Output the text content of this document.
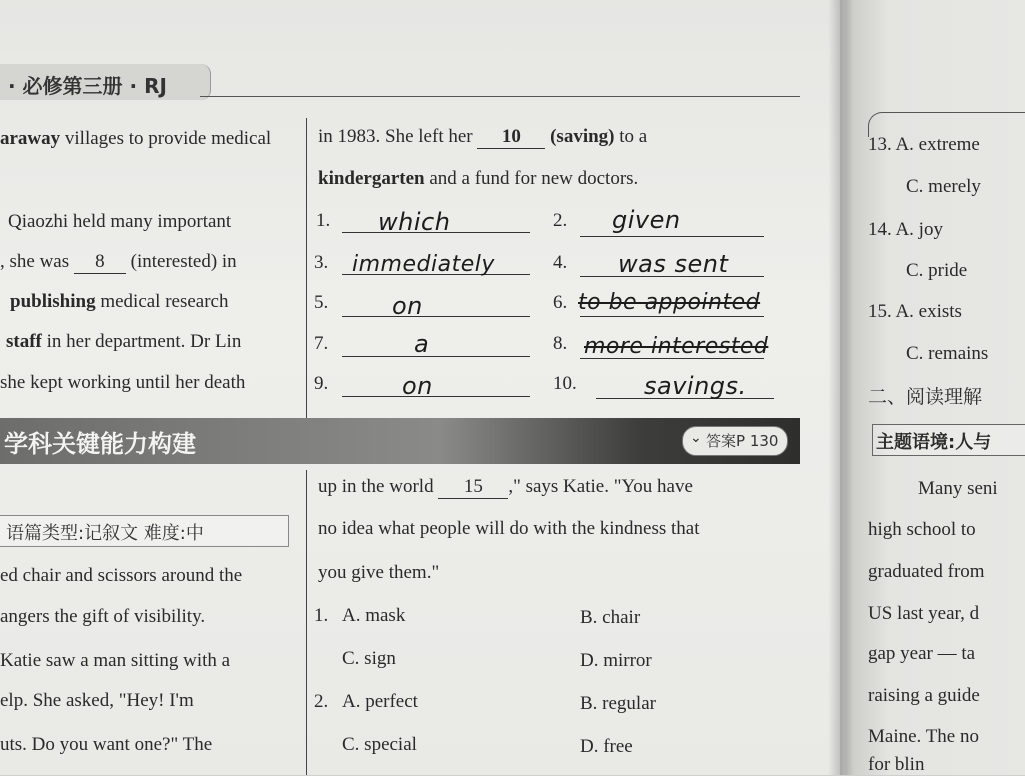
· 必修第三册 · RJ
araway villages to provide medical
Qiaozhi held many important
, she was 8 (interested) in
publishing medical research
staff in her department. Dr Lin
she kept working until her death
in 1983. She left her 10 (saving) to a
kindergarten and a fund for new doctors.
1. which	2. given
3. immediately	4. was sent
5.	on	6. to be appointed
7.	a	8. more interested
9.	on	10.	savings.
学科关键能力构建	⌄ 答案P 130
语篇类型:记叙文 难度:中
ed chair and scissors around the
angers the gift of visibility.
Katie saw a man sitting with a
elp. She asked, "Hey! I'm
uts. Do you want one?" The
up in the world 15 ," says Katie. "You have
no idea what people will do with the kindness that
you give them."
1. A. mask	B. chair
C. sign	D. mirror
2. A. perfect	B. regular
C. special	D. free
13. A. extreme
C. merely
14. A. joy
C. pride
15. A. exists
C. remains
二、阅读理解
主题语境:人与
Many seni
high school to
graduated from
US last year, d
gap year — ta
raising a guide
Maine. The no
for blin
